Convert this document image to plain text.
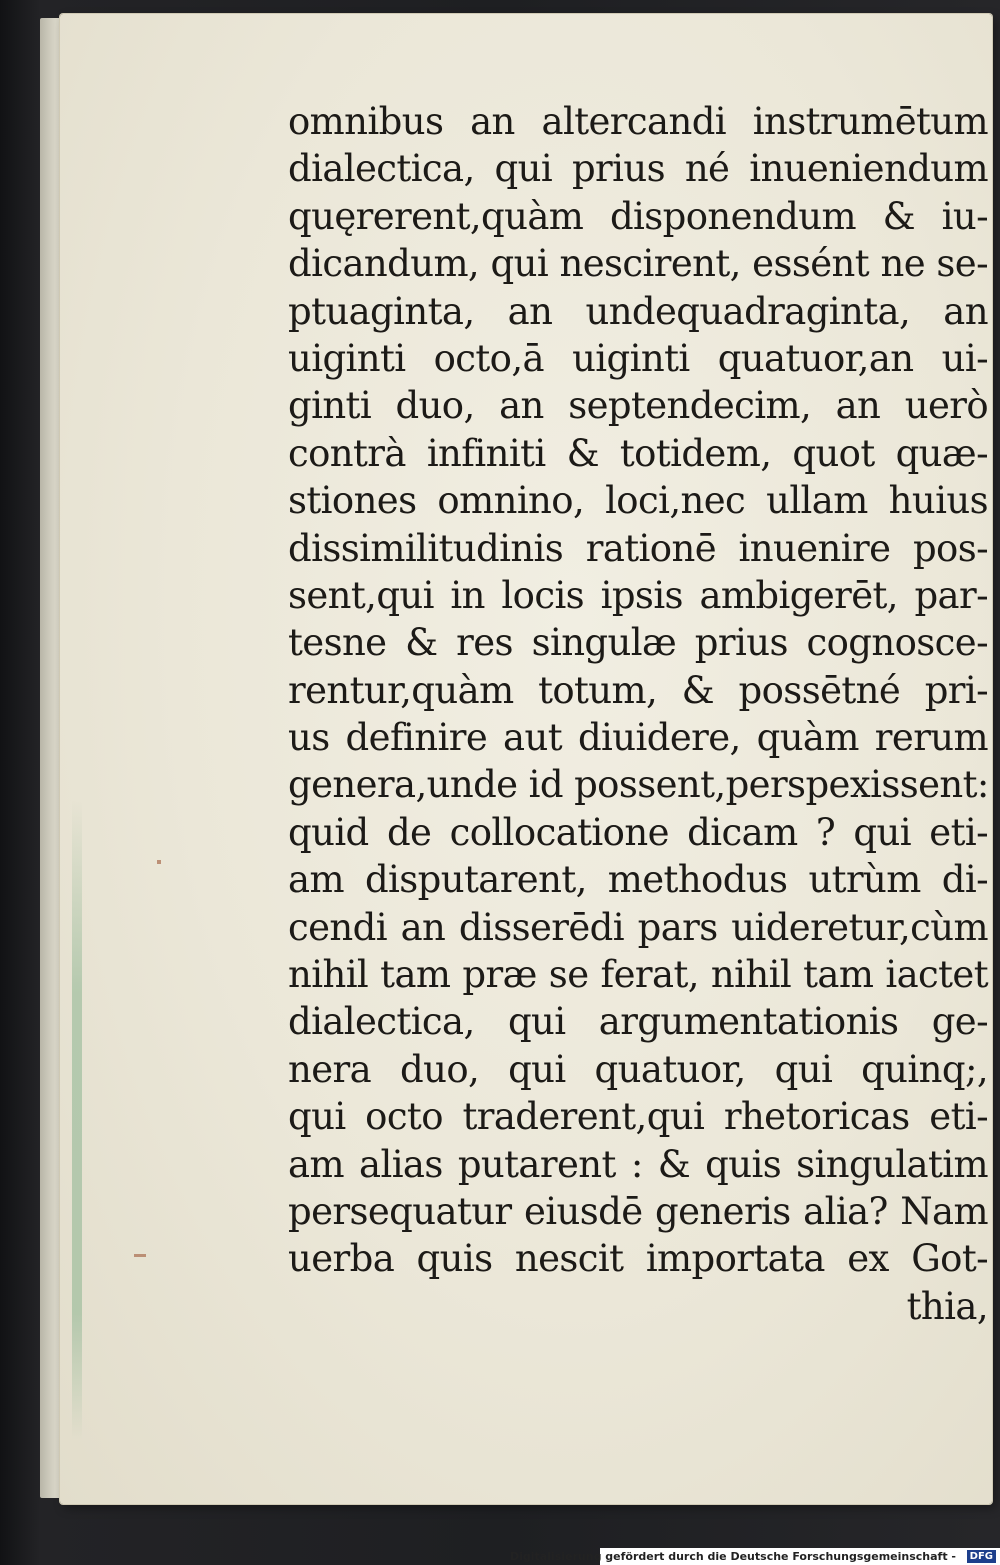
omnibus an altercandi instrumētum
dialectica, qui prius né inueniendum
quęrerent,quàm disponendum & iu-
dicandum, qui nescirent, essént ne se-
ptuaginta, an undequadraginta, an
uiginti octo,ā uiginti quatuor,an ui-
ginti duo, an septendecim, an uerò
contrà infiniti & totidem, quot quæ-
stiones omnino, loci,nec ullam huius
dissimilitudinis rationē inuenire pos-
sent,qui in locis ipsis ambigerēt, par-
tesne & res singulæ prius cognosce-
rentur,quàm totum, & possētné pri-
us definire aut diuidere, quàm rerum
genera,unde id possent,perspexissent:
quid de collocatione dicam ? qui eti-
am disputarent, methodus utrùm di-
cendi an disserēdi pars uideretur,cùm
nihil tam præ se ferat, nihil tam iactet
dialectica, qui argumentationis ge-
nera duo, qui quatuor, qui quinq;,
qui octo traderent,qui rhetoricas eti-
am alias putarent : & quis singulatim
persequatur eiusdē generis alia? Nam
uerba quis nescit importata ex Got-
thia,
Digitalisierung gefördert durch die Deutsche Forschungsgemeinschaft -	DFG
